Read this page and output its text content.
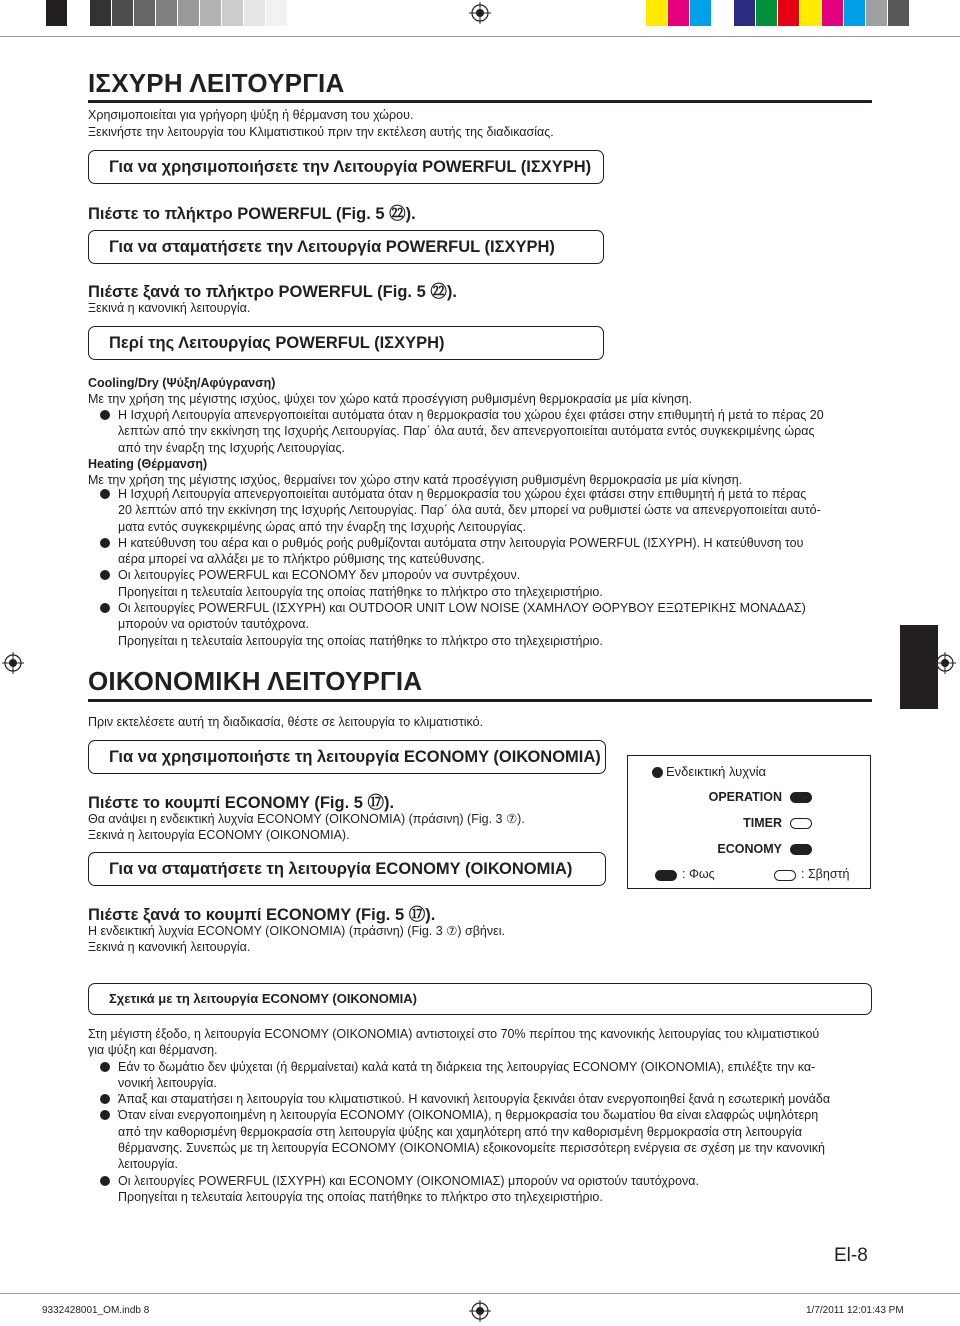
ΙΣΧΥΡΗ ΛΕΙΤΟΥΡΓΙΑ
Χρησιμοποιείται για γρήγορη ψύξη ή θέρμανση του χώρου.
Ξεκινήστε την λειτουργία του Κλιματιστικού πριν την εκτέλεση αυτής της διαδικασίας.
Για να χρησιμοποιήσετε την Λειτουργία POWERFUL (ΙΣΧΥΡΗ)
Πιέστε το πλήκτρο POWERFUL (Fig. 5 ㉒).
Για να σταματήσετε την Λειτουργία POWERFUL (ΙΣΧΥΡΗ)
Πιέστε ξανά το πλήκτρο POWERFUL (Fig. 5 ㉒).
Ξεκινά η κανονική λειτουργία.
Περί της Λειτουργίας POWERFUL (ΙΣΧΥΡΗ)
Cooling/Dry (Ψύξη/Αφύγρανση)
Με την χρήση της μέγιστης ισχύος, ψύχει τον χώρο κατά προσέγγιση ρυθμισμένη θερμοκρασία με μία κίνηση.
Η Ισχυρή Λειτουργία απενεργοποιείται αυτόματα όταν η θερμοκρασία του χώρου έχει φτάσει στην επιθυμητή ή μετά το πέρας 20
λεπτών από την εκκίνηση της Ισχυρής Λειτουργίας. Παρ΄ όλα αυτά, δεν απενεργοποιείται αυτόματα εντός συγκεκριμένης ώρας
από την έναρξη της Ισχυρής Λειτουργίας.
Heating (Θέρμανση)
Με την χρήση της μέγιστης ισχύος, θερμαίνει τον χώρο στην κατά προσέγγιση ρυθμισμένη θερμοκρασία με μία κίνηση.
Η Ισχυρή Λειτουργία απενεργοποιείται αυτόματα όταν η θερμοκρασία του χώρου έχει φτάσει στην επιθυμητή ή μετά το πέρας
20 λεπτών από την εκκίνηση της Ισχυρής Λειτουργίας. Παρ΄ όλα αυτά, δεν μπορεί να ρυθμιστεί ώστε να απενεργοποιείται αυτό-
ματα εντός συγκεκριμένης ώρας από την έναρξη της Ισχυρής Λειτουργίας.
Η κατεύθυνση του αέρα και ο ρυθμός ροής ρυθμίζονται αυτόματα στην λειτουργία POWERFUL (ΙΣΧΥΡΗ). Η κατεύθυνση του
αέρα μπορεί να αλλάξει με το πλήκτρο ρύθμισης της κατεύθυνσης.
Οι λειτουργίες POWERFUL και ECONOMY δεν μπορούν να συντρέχουν.
Προηγείται η τελευταία λειτουργία της οποίας πατήθηκε το πλήκτρο στο τηλεχειριστήριο.
Οι λειτουργίες POWERFUL (ΙΣΧΥΡΗ) και OUTDOOR UNIT LOW NOISE (ΧΑΜΗΛΟΥ ΘΟΡΥΒΟΥ ΕΞΩΤΕΡΙΚΗΣ ΜΟΝΑΔΑΣ)
μπορούν να οριστούν ταυτόχρονα.
Προηγείται η τελευταία λειτουργία της οποίας πατήθηκε το πλήκτρο στο τηλεχειριστήριο.
ΟΙΚΟΝΟΜΙΚΗ ΛΕΙΤΟΥΡΓΙΑ
Πριν εκτελέσετε αυτή τη διαδικασία, θέστε σε λειτουργία το κλιματιστικό.
Για να χρησιμοποιήστε τη λειτουργία ECONOMY (ΟΙΚΟΝΟΜΙΑ)
Πιέστε το κουμπί ECONOMY (Fig. 5 ⑰).
Θα ανάψει η ενδεικτική λυχνία ECONOMY (ΟΙΚΟΝΟΜΙΑ) (πράσινη) (Fig. 3 ⑦).
Ξεκινά η λειτουργία ECONOMY (ΟΙΚΟΝΟΜΙΑ).
Για να σταματήσετε τη λειτουργία ECONOMY (ΟΙΚΟΝΟΜΙΑ)
Πιέστε ξανά το κουμπί ECONOMY (Fig. 5 ⑰).
Η ενδεικτική λυχνία ECONOMY (ΟΙΚΟΝΟΜΙΑ) (πράσινη) (Fig. 3 ⑦) σβήνει.
Ξεκινά η κανονική λειτουργία.
Ενδεικτική λυχνία
OPERATION
TIMER
ECONOMY
: Φως	: Σβηστή
Σχετικά με τη λειτουργία ECONOMY (ΟΙΚΟΝΟΜΙΑ)
Στη μέγιστη έξοδο, η λειτουργία ECONOMY (ΟΙΚΟΝΟΜΙΑ) αντιστοιχεί στο 70% περίπου της κανονικής λειτουργίας του κλιματιστικού
για ψύξη και θέρμανση.
Εάν το δωμάτιο δεν ψύχεται (ή θερμαίνεται) καλά κατά τη διάρκεια της λειτουργίας ECONOMY (ΟΙΚΟΝΟΜΙΑ), επιλέξτε την κα-
νονική λειτουργία.
Άπαξ και σταματήσει η λειτουργία του κλιματιστικού. Η κανονική λειτουργία ξεκινάει όταν ενεργοποιηθεί ξανά η εσωτερική μονάδα
Όταν είναι ενεργοποιημένη η λειτουργία ECONOMY (ΟΙΚΟΝΟΜΙΑ), η θερμοκρασία του δωματίου θα είναι ελαφρώς υψηλότερη
από την καθορισμένη θερμοκρασία στη λειτουργία ψύξης και χαμηλότερη από την καθορισμένη θερμοκρασία στη λειτουργία
θέρμανσης. Συνεπώς με τη λειτουργία ECONOMY (ΟΙΚΟΝΟΜΙΑ) εξοικονομείτε περισσότερη ενέργεια σε σχέση με την κανονική
λειτουργία.
Οι λειτουργίες POWERFUL (ΙΣΧΥΡΗ) και ECONOMY (ΟΙΚΟΝΟΜΙΑΣ) μπορούν να οριστούν ταυτόχρονα.
Προηγείται η τελευταία λειτουργία της οποίας πατήθηκε το πλήκτρο στο τηλεχειριστήριο.
El-8
9332428001_OM.indb 8	1/7/2011 12:01:43 PM
